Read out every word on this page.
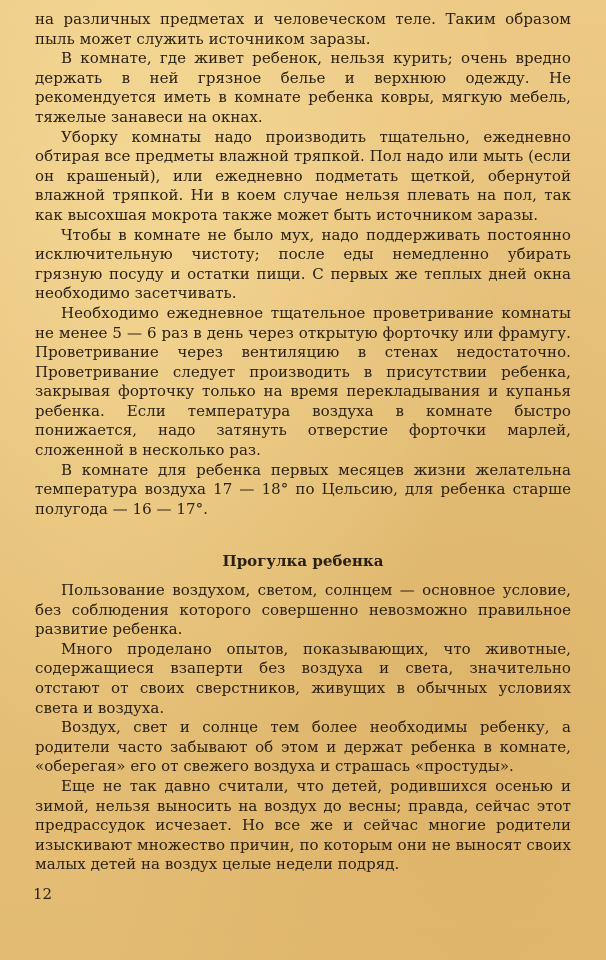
на различных предметах и человеческом теле. Таким образом пыль может служить источником заразы.

В комнате, где живет ребенок, нельзя курить; очень вредно держать в ней грязное белье и верхнюю одежду. Не рекомендуется иметь в комнате ребенка ковры, мягкую мебель, тяжелые занавеси на окнах.

Уборку комнаты надо производить тщательно, ежедневно обтирая все предметы влажной тряпкой. Пол надо или мыть (если он крашеный), или ежедневно подметать щеткой, обернутой влажной тряпкой. Ни в коем случае нельзя плевать на пол, так как высохшая мокрота также может быть источником заразы.

Чтобы в комнате не было мух, надо поддерживать постоянно исключительную чистоту; после еды немедленно убирать грязную посуду и остатки пищи. С первых же теплых дней окна необходимо засетчивать.

Необходимо ежедневное тщательное проветривание комнаты не менее 5 — 6 раз в день через открытую форточку или фрамугу. Проветривание через вентиляцию в стенах недостаточно. Проветривание следует производить в присутствии ребенка, закрывая форточку только на время перекладывания и купанья ребенка. Если температура воздуха в комнате быстро понижается, надо затянуть отверстие форточки марлей, сложенной в несколько раз.

В комнате для ребенка первых месяцев жизни желательна температура воздуха 17 — 18° по Цельсию, для ребенка старше полугода — 16 — 17°.

Прогулка ребенка

Пользование воздухом, светом, солнцем — основное условие, без соблюдения которого совершенно невозможно правильное развитие ребенка.

Много проделано опытов, показывающих, что животные, содержащиеся взаперти без воздуха и света, значительно отстают от своих сверстников, живущих в обычных условиях света и воздуха.

Воздух, свет и солнце тем более необходимы ребенку, а родители часто забывают об этом и держат ребенка в комнате, «оберегая» его от свежего воздуха и страшась «простуды».

Еще не так давно считали, что детей, родившихся осенью и зимой, нельзя выносить на воздух до весны; правда, сейчас этот предрассудок исчезает. Но все же и сейчас многие родители изыскивают множество причин, по которым они не выносят своих малых детей на воздух целые недели подряд.

12
